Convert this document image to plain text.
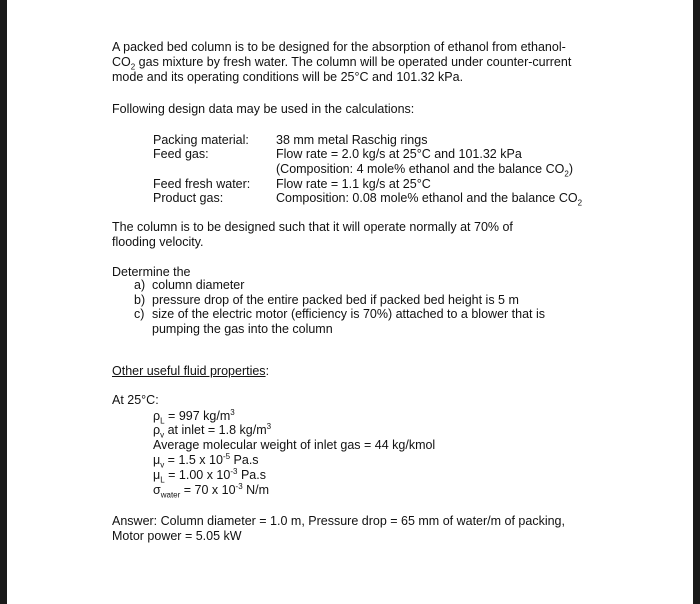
A packed bed column is to be designed for the absorption of ethanol from ethanol-
$CO_2$ gas mixture by fresh water. The column will be operated under counter-current
mode and its operating conditions will be 25°C and 101.32 kPa.
Following design data may be used in the calculations:
Packing material: 38 mm metal Raschig rings
Feed gas:	Flow rate = 2.0 kg/s at 25°C and 101.32 kPa
(Composition: 4 mole% ethanol and the balance $CO_2$)
Feed fresh water: Flow rate = 1.1 kg/s at 25°C
Product gas:	Composition: 0.08 mole% ethanol and the balance $CO_2$
The column is to be designed such that it will operate normally at 70% of
flooding velocity.
Determine the
a) column diameter
b) pressure drop of the entire packed bed if packed bed height is 5 m
c) size of the electric motor (efficiency is 70%) attached to a blower that is
pumping the gas into the column
Other useful fluid properties:
At 25°C:
$\rho_L = 997$ $kg/m^3$
$\rho_v$ at inlet = 1.8 $kg/m^3$
Average molecular weight of inlet gas = 44 kg/kmol
$\mu_v = 1.5$ x $10^{-5}$ Pa.s
$\mu_L = 1.00$ x $10^{-3}$ Pa.s
$\sigma_{water} = 70$ x $10^{-3}$ N/m
Answer: Column diameter = 1.0 m, Pressure drop = 65 mm of water/m of packing,
Motor power = 5.05 kW
